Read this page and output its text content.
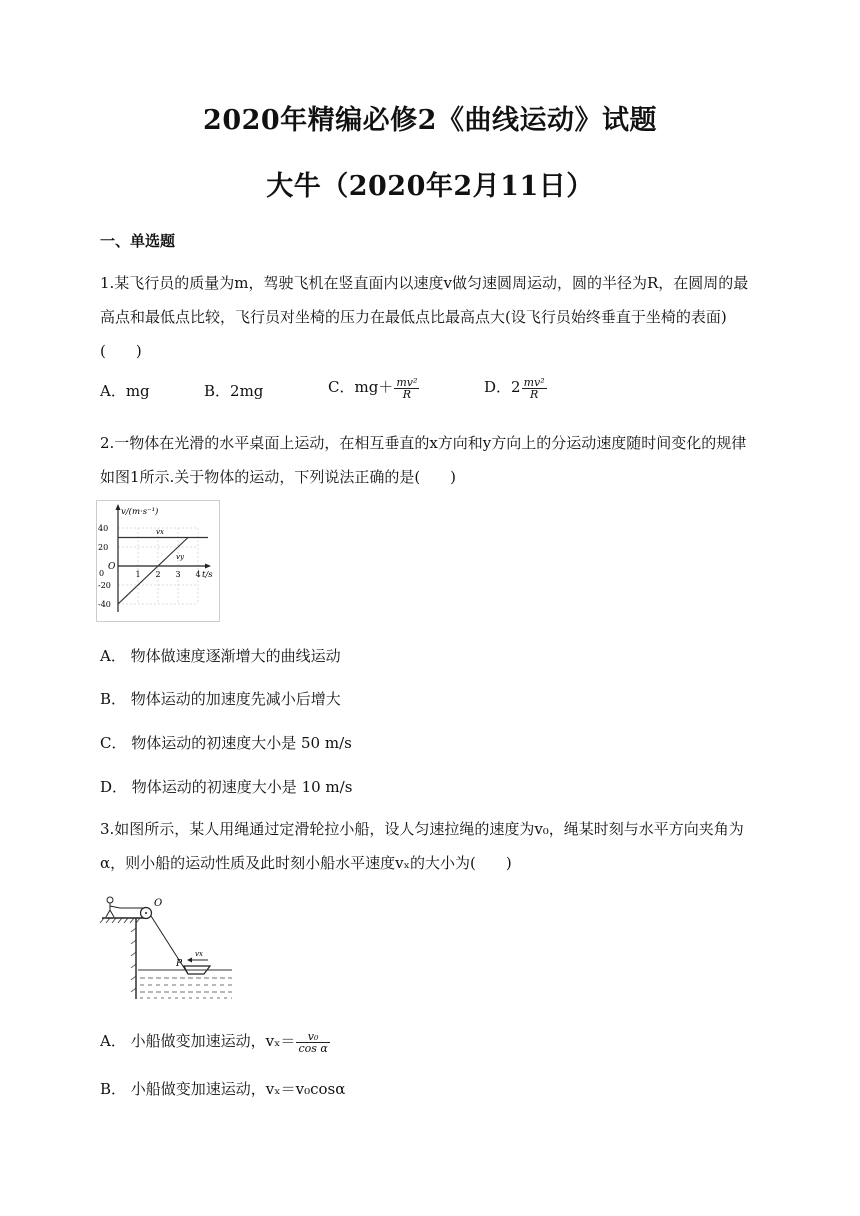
2020年精编必修2《曲线运动》试题
大牛（2020年2月11日）
一、单选题
1.某飞行员的质量为m，驾驶飞机在竖直面内以速度v做匀速圆周运动，圆的半径为R，在圆周的最高点和最低点比较，飞行员对坐椅的压力在最低点比最高点大(设飞行员始终垂直于坐椅的表面)(　　)
A．mg	B．2mg	C．$mg+ \frac{\text{mv²}}{R}$	D．$2 \frac{\text{mv²}}{R}$
2.一物体在光滑的水平桌面上运动，在相互垂直的x方向和y方向上的分运动速度随时间变化的规律如图1所示.关于物体的运动，下列说法正确的是(　　)
40
20
0
-20
-40
1 2 3 4
v/(m·s⁻¹)
t/s
O
vx
vy
A． 物体做速度逐渐增大的曲线运动
B． 物体运动的加速度先减小后增大
C． 物体运动的初速度大小是 50 m/s
D． 物体运动的初速度大小是 10 m/s
3.如图所示，某人用绳通过定滑轮拉小船，设人匀速拉绳的速度为v₀，绳某时刻与水平方向夹角为α，则小船的运动性质及此时刻小船水平速度vₓ的大小为(　　)
O
P
vx
A． 小船做变加速运动，$v_x= \frac{\text{v₀}}{\text{cos α}}$
B． 小船做变加速运动，vₓ＝v₀cosα
